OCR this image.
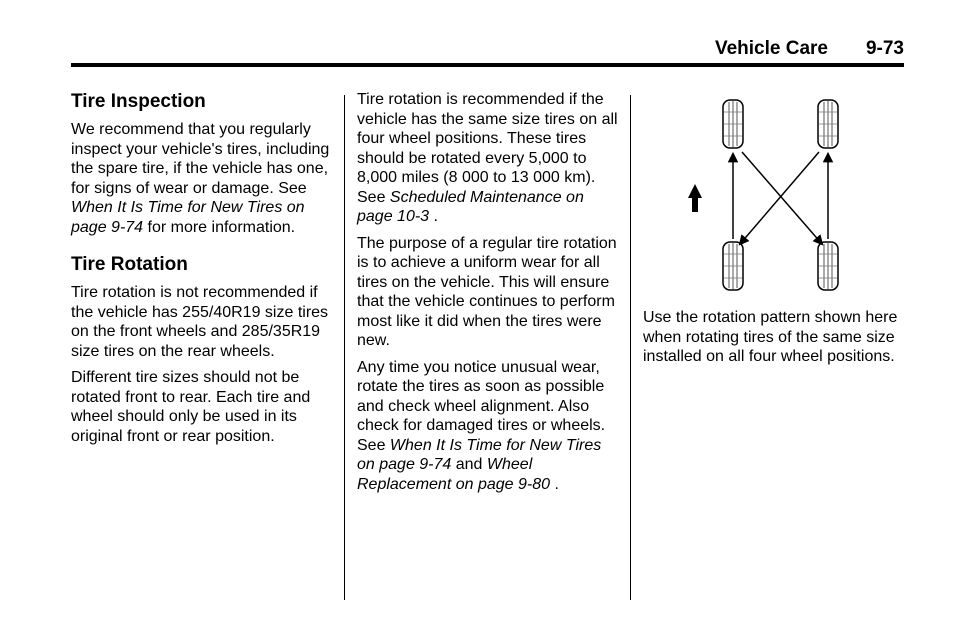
Vehicle Care 9-73
Tire Inspection

We recommend that you regularly inspect your vehicle's tires, including the spare tire, if the vehicle has one, for signs of wear or damage. See When It Is Time for New Tires on page 9-74 for more information.

Tire Rotation

Tire rotation is not recommended if the vehicle has 255/40R19 size tires on the front wheels and 285/35R19 size tires on the rear wheels.

Different tire sizes should not be rotated front to rear. Each tire and wheel should only be used in its original front or rear position.

Tire rotation is recommended if the vehicle has the same size tires on all four wheel positions. These tires should be rotated every 5,000 to 8,000 miles (8 000 to 13 000 km). See Scheduled Maintenance on page 10-3 .

The purpose of a regular tire rotation is to achieve a uniform wear for all tires on the vehicle. This will ensure that the vehicle continues to perform most like it did when the tires were new.

Any time you notice unusual wear, rotate the tires as soon as possible and check wheel alignment. Also check for damaged tires or wheels. See When It Is Time for New Tires on page 9-74 and Wheel Replacement on page 9-80 .

Use the rotation pattern shown here when rotating tires of the same size installed on all four wheel positions.
